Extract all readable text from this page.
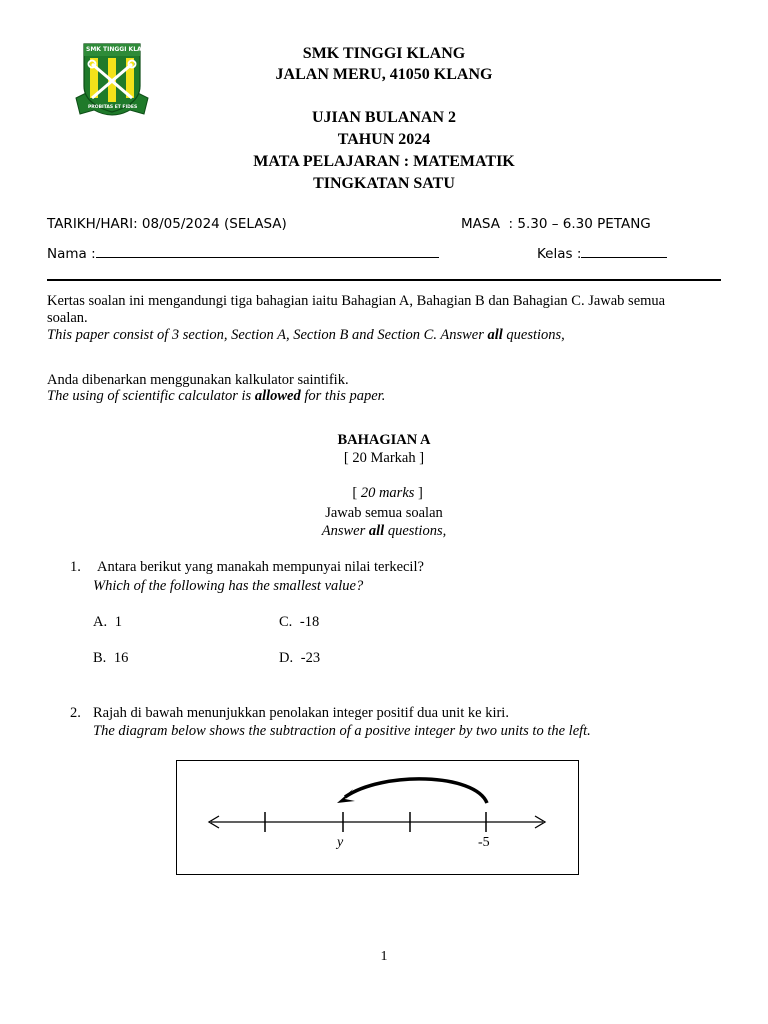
SMK TINGGI KLANG
PROBITAS ET FIDES
SMK TINGGI KLANG
JALAN MERU, 41050 KLANG
UJIAN BULANAN 2
TAHUN 2024
MATA PELAJARAN : MATEMATIK
TINGKATAN SATU
TARIKH/HARI: 08/05/2024 (SELASA)	MASA  : 5.30 – 6.30 PETANG
Nama :	Kelas :
Kertas soalan ini mengandungi tiga bahagian iaitu Bahagian A, Bahagian B dan Bahagian C. Jawab semua
soalan.
This paper consist of 3 section, Section A, Section B and Section C. Answer all questions,
Anda dibenarkan menggunakan kalkulator saintifik.
The using of scientific calculator is allowed for this paper.
BAHAGIAN A
[ 20 Markah ]

[ 20 marks ]

Jawab semua soalan
Answer all questions,
1. Antara berikut yang manakah mempunyai nilai terkecil?
Which of the following has the smallest value?
A. 1
B. 16
C. -18
D. -23
2. Rajah di bawah menunjukkan penolakan integer positif dua unit ke kiri.
The diagram below shows the subtraction of a positive integer by two units to the left.
y	-5
1
